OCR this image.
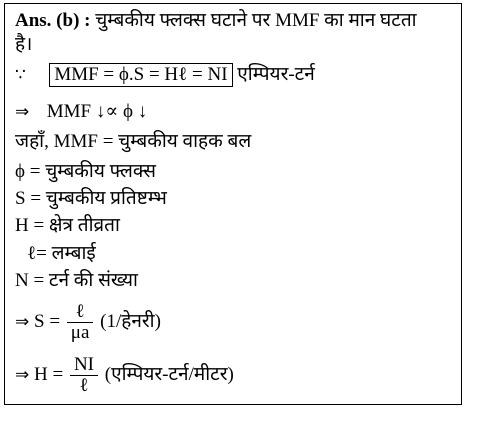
Ans. (b) : चुम्बकीय फ्लक्स घटाने पर MMF का मान घटता
है।
∵ MMF = ϕ.S = Hℓ = NI एम्पियर-टर्न
⇒ MMF ↓∝ ϕ ↓
जहाँ, MMF = चुम्बकीय वाहक बल
ϕ = चुम्बकीय फ्लक्स
S = चुम्बकीय प्रतिष्टम्भ
H = क्षेत्र तीव्रता
ℓ= लम्बाई
N = टर्न की संख्या
⇒ $S = \frac{\text{ℓ}}{\mu a}$ (1/हेनरी)
⇒ $H = \frac{NI}{\text{ℓ}}$ (एम्पियर-टर्न/मीटर)
